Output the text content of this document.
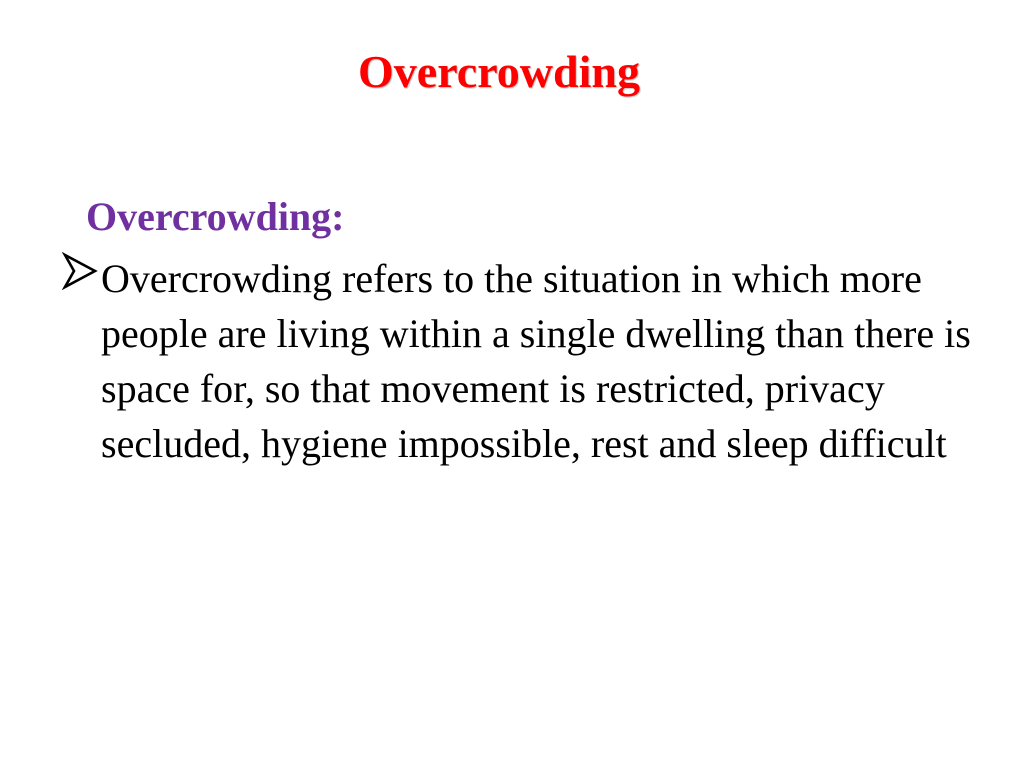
Overcrowding
Overcrowding:
Overcrowding refers to the situation in which more people are living within a single dwelling than there is space for, so that movement is restricted, privacy secluded, hygiene impossible, rest and sleep difficult
